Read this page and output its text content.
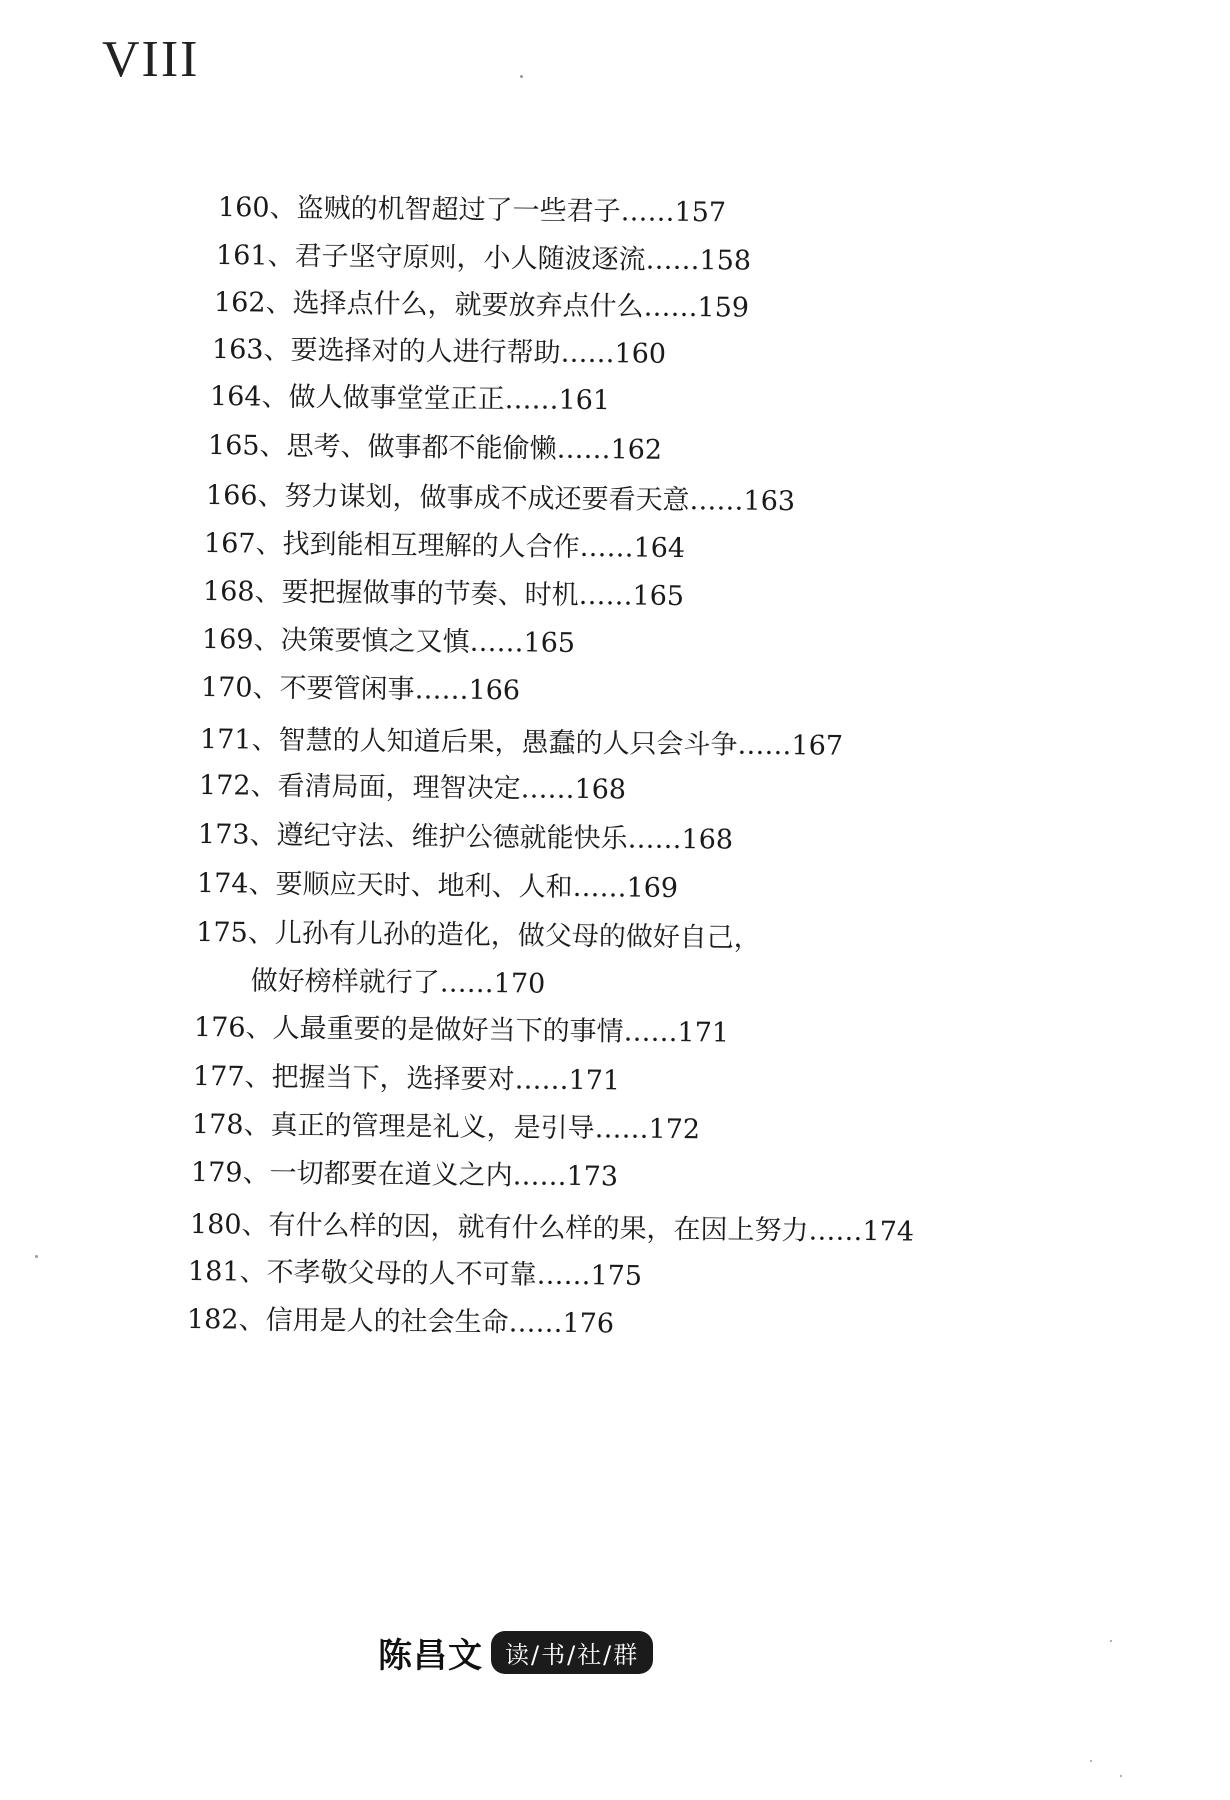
VIII
160、盗贼的机智超过了一些君子……157
161、君子坚守原则，小人随波逐流……158
162、选择点什么，就要放弃点什么……159
163、要选择对的人进行帮助……160
164、做人做事堂堂正正……161
165、思考、做事都不能偷懒……162
166、努力谋划，做事成不成还要看天意……163
167、找到能相互理解的人合作……164
168、要把握做事的节奏、时机……165
169、决策要慎之又慎……165
170、不要管闲事……166
171、智慧的人知道后果，愚蠢的人只会斗争……167
172、看清局面，理智决定……168
173、遵纪守法、维护公德就能快乐……168
174、要顺应天时、地利、人和……169
175、儿孙有儿孙的造化，做父母的做好自己，
做好榜样就行了……170
176、人最重要的是做好当下的事情……171
177、把握当下，选择要对……171
178、真正的管理是礼义，是引导……172
179、一切都要在道义之内……173
180、有什么样的因，就有什么样的果，在因上努力……174
181、不孝敬父母的人不可靠……175
182、信用是人的社会生命……176
陈昌文 读/书/社/群
